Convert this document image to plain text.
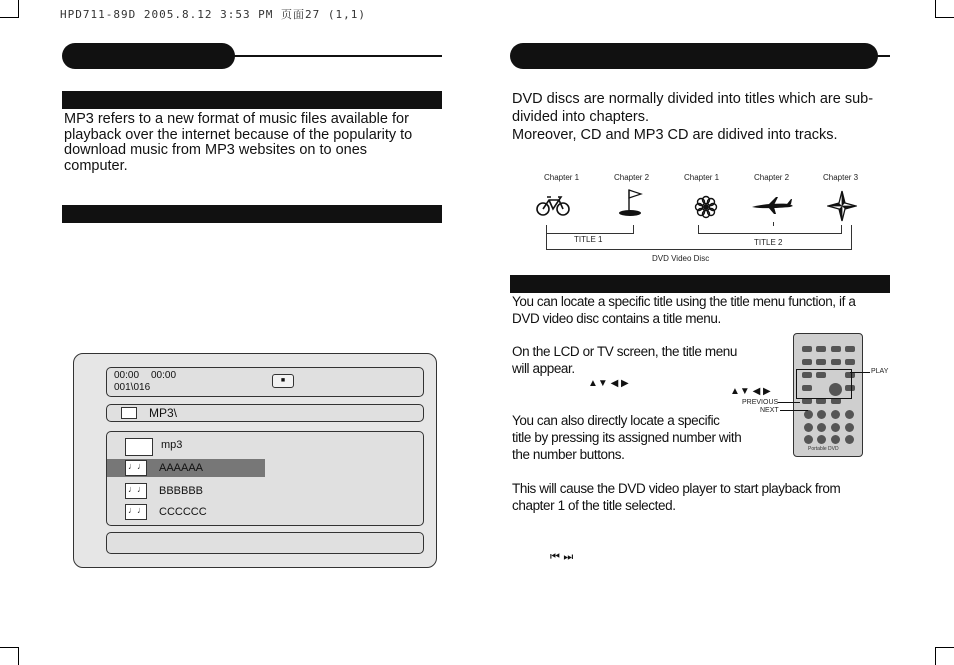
HPD711-89D 2005.8.12 3:53 PM 页面27 (1,1)
MP3 refers to a new format of music files available for
playback over the internet because of the popularity to
download music from MP3 websites on to ones
computer.
00:00 00:00
001\016
■
MP3\
mp3
♩♩ AAAAAA
♩♩ BBBBBB
♩♩ CCCCCC
DVD discs are normally divided into titles which are sub-
divided into chapters.
Moreover, CD and MP3 CD are didived into tracks.
Chapter 1	Chapter 2	Chapter 1	Chapter 2	Chapter 3
TITLE 1	TITLE 2
DVD Video Disc
You can locate a specific title using the title menu function, if a
DVD video disc contains a title menu.
On the LCD or TV screen, the title menu
will appear.
▲▼ ◀ ▶
You can also directly locate a specific
title by pressing its assigned number with
the number buttons.
This will cause the DVD video player to start playback from
chapter 1 of the title selected.
⏮ ⏭
▲▼ ◀ ▶
PREVIOUS
NEXT
PLAY
Portable DVD
